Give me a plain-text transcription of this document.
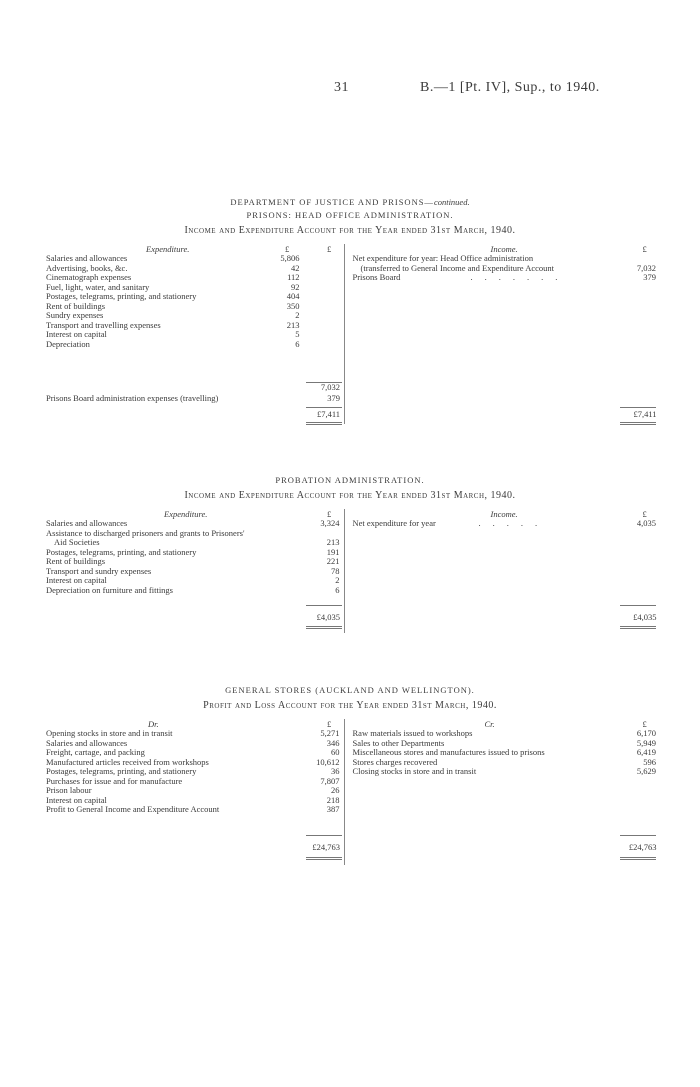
31	B.—1 [Pt. IV], Sup., to 1940.
DEPARTMENT OF JUSTICE AND PRISONS—continued.
PRISONS: HEAD OFFICE ADMINISTRATION.
Income and Expenditure Account for the Year ended 31st March, 1940.
Expenditure.	£	£
Salaries and allowances	5,806
Advertising, books, &c.	42
Cinematograph expenses	112
Fuel, light, water, and sanitary	92
Postages, telegrams, printing, and stationery	404
Rent of buildings	350
Sundry expenses	2
Transport and travelling expenses	213
Interest on capital	5
Depreciation	6
7,032
Prisons Board administration expenses (travelling)	379
£7,411
Income.	£
Net expenditure for year: Head Office administration
(transferred to General Income and Expenditure Account	7,032
Prisons Board	.......	379
£7,411
PROBATION ADMINISTRATION.
Income and Expenditure Account for the Year ended 31st March, 1940.
Expenditure.	£
Salaries and allowances	3,324
Assistance to discharged prisoners and grants to Prisoners'
Aid Societies	213
Postages, telegrams, printing, and stationery	191
Rent of buildings	221
Transport and sundry expenses	78
Interest on capital	2
Depreciation on furniture and fittings	6
£4,035
Income.	£
Net expenditure for year	.....	4,035
£4,035
GENERAL STORES (AUCKLAND AND WELLINGTON).
Profit and Loss Account for the Year ended 31st March, 1940.
Dr.	£
Opening stocks in store and in transit	5,271
Salaries and allowances	346
Freight, cartage, and packing	60
Manufactured articles received from workshops	10,612
Postages, telegrams, printing, and stationery	36
Purchases for issue and for manufacture	7,807
Prison labour	26
Interest on capital	218
Profit to General Income and Expenditure Account	387
£24,763
Cr.	£
Raw materials issued to workshops	6,170
Sales to other Departments	5,949
Miscellaneous stores and manufactures issued to prisons	6,419
Stores charges recovered	596
Closing stocks in store and in transit	5,629
£24,763
